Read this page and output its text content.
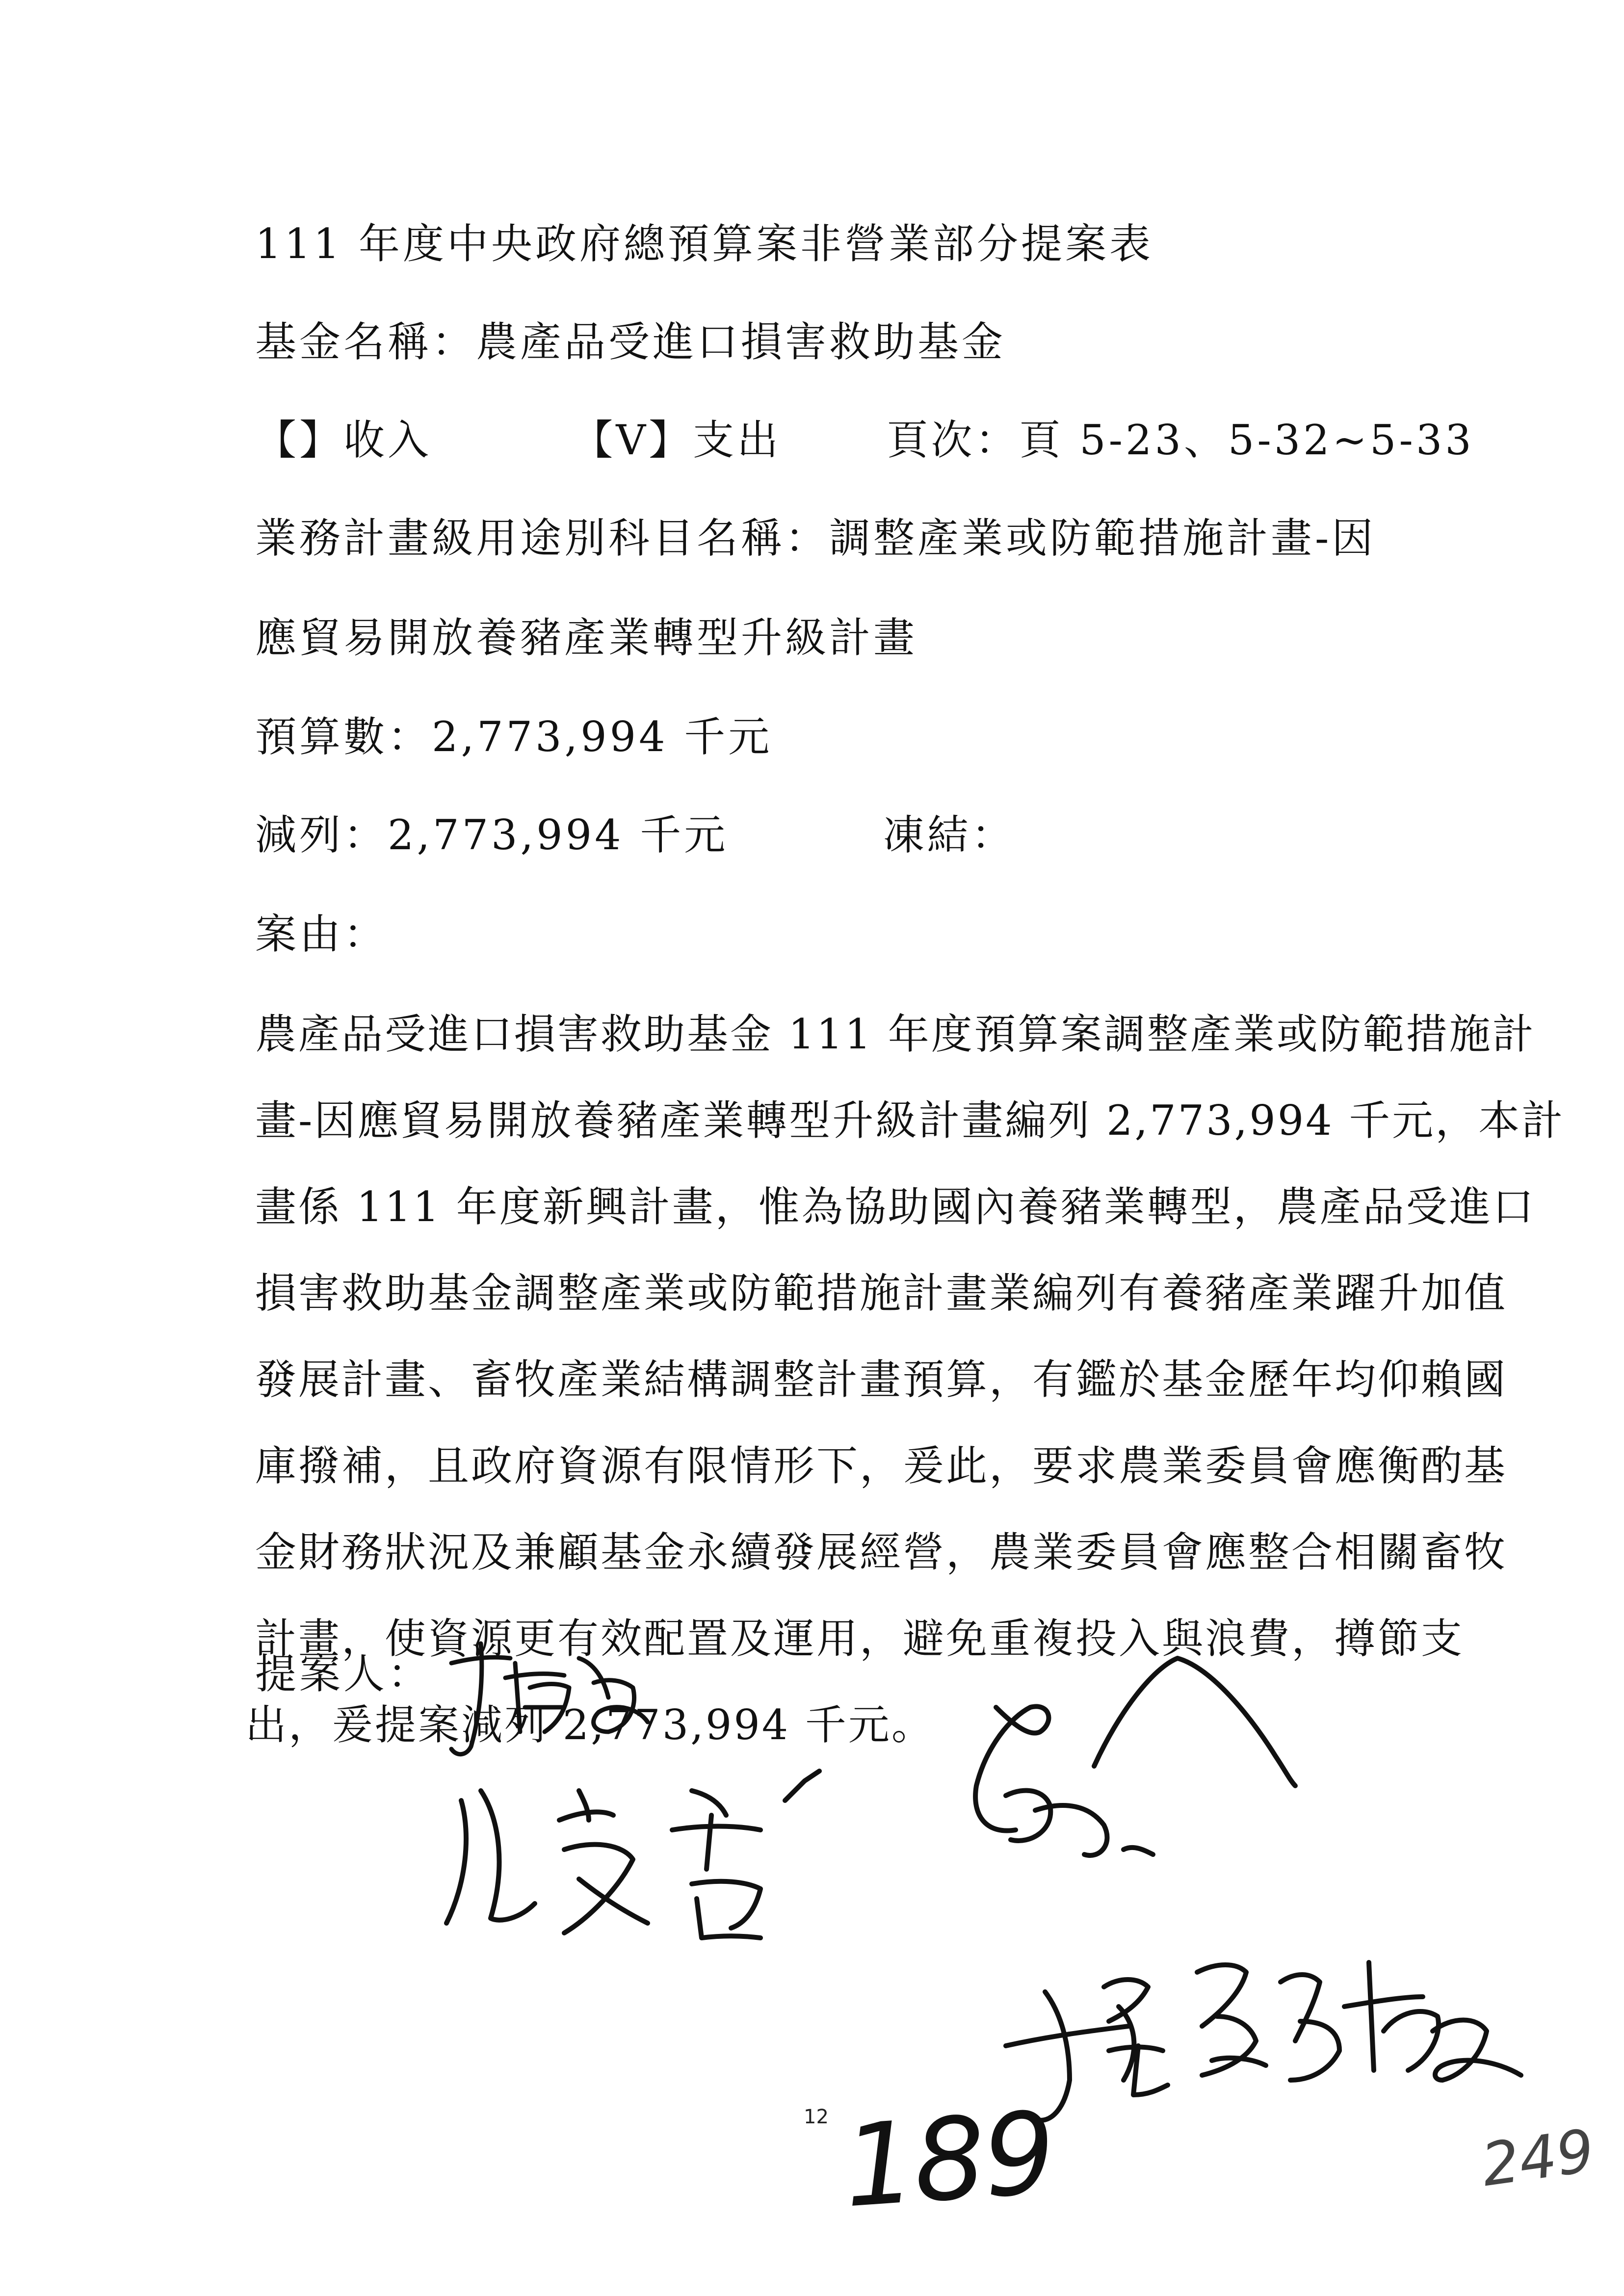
111 年度中央政府總預算案非營業部分提案表
基金名稱：農產品受進口損害救助基金
【】收入	【V】支出	頁次：頁 5-23、5-32~5-33
業務計畫級用途別科目名稱：調整產業或防範措施計畫-因
應貿易開放養豬產業轉型升級計畫
預算數：2,773,994 千元
減列：2,773,994 千元	凍結：
案由：
農產品受進口損害救助基金 111 年度預算案調整產業或防範措施計
畫-因應貿易開放養豬產業轉型升級計畫編列 2,773,994 千元，本計
畫係 111 年度新興計畫，惟為協助國內養豬業轉型，農產品受進口
損害救助基金調整產業或防範措施計畫業編列有養豬產業躍升加值
發展計畫、畜牧產業結構調整計畫預算，有鑑於基金歷年均仰賴國
庫撥補，且政府資源有限情形下，爰此，要求農業委員會應衡酌基
金財務狀況及兼顧基金永續發展經營，農業委員會應整合相關畜牧
計畫，使資源更有效配置及運用，避免重複投入與浪費，撙節支
出，爰提案減列 2,773,994 千元。
提案人：
12 189	249
